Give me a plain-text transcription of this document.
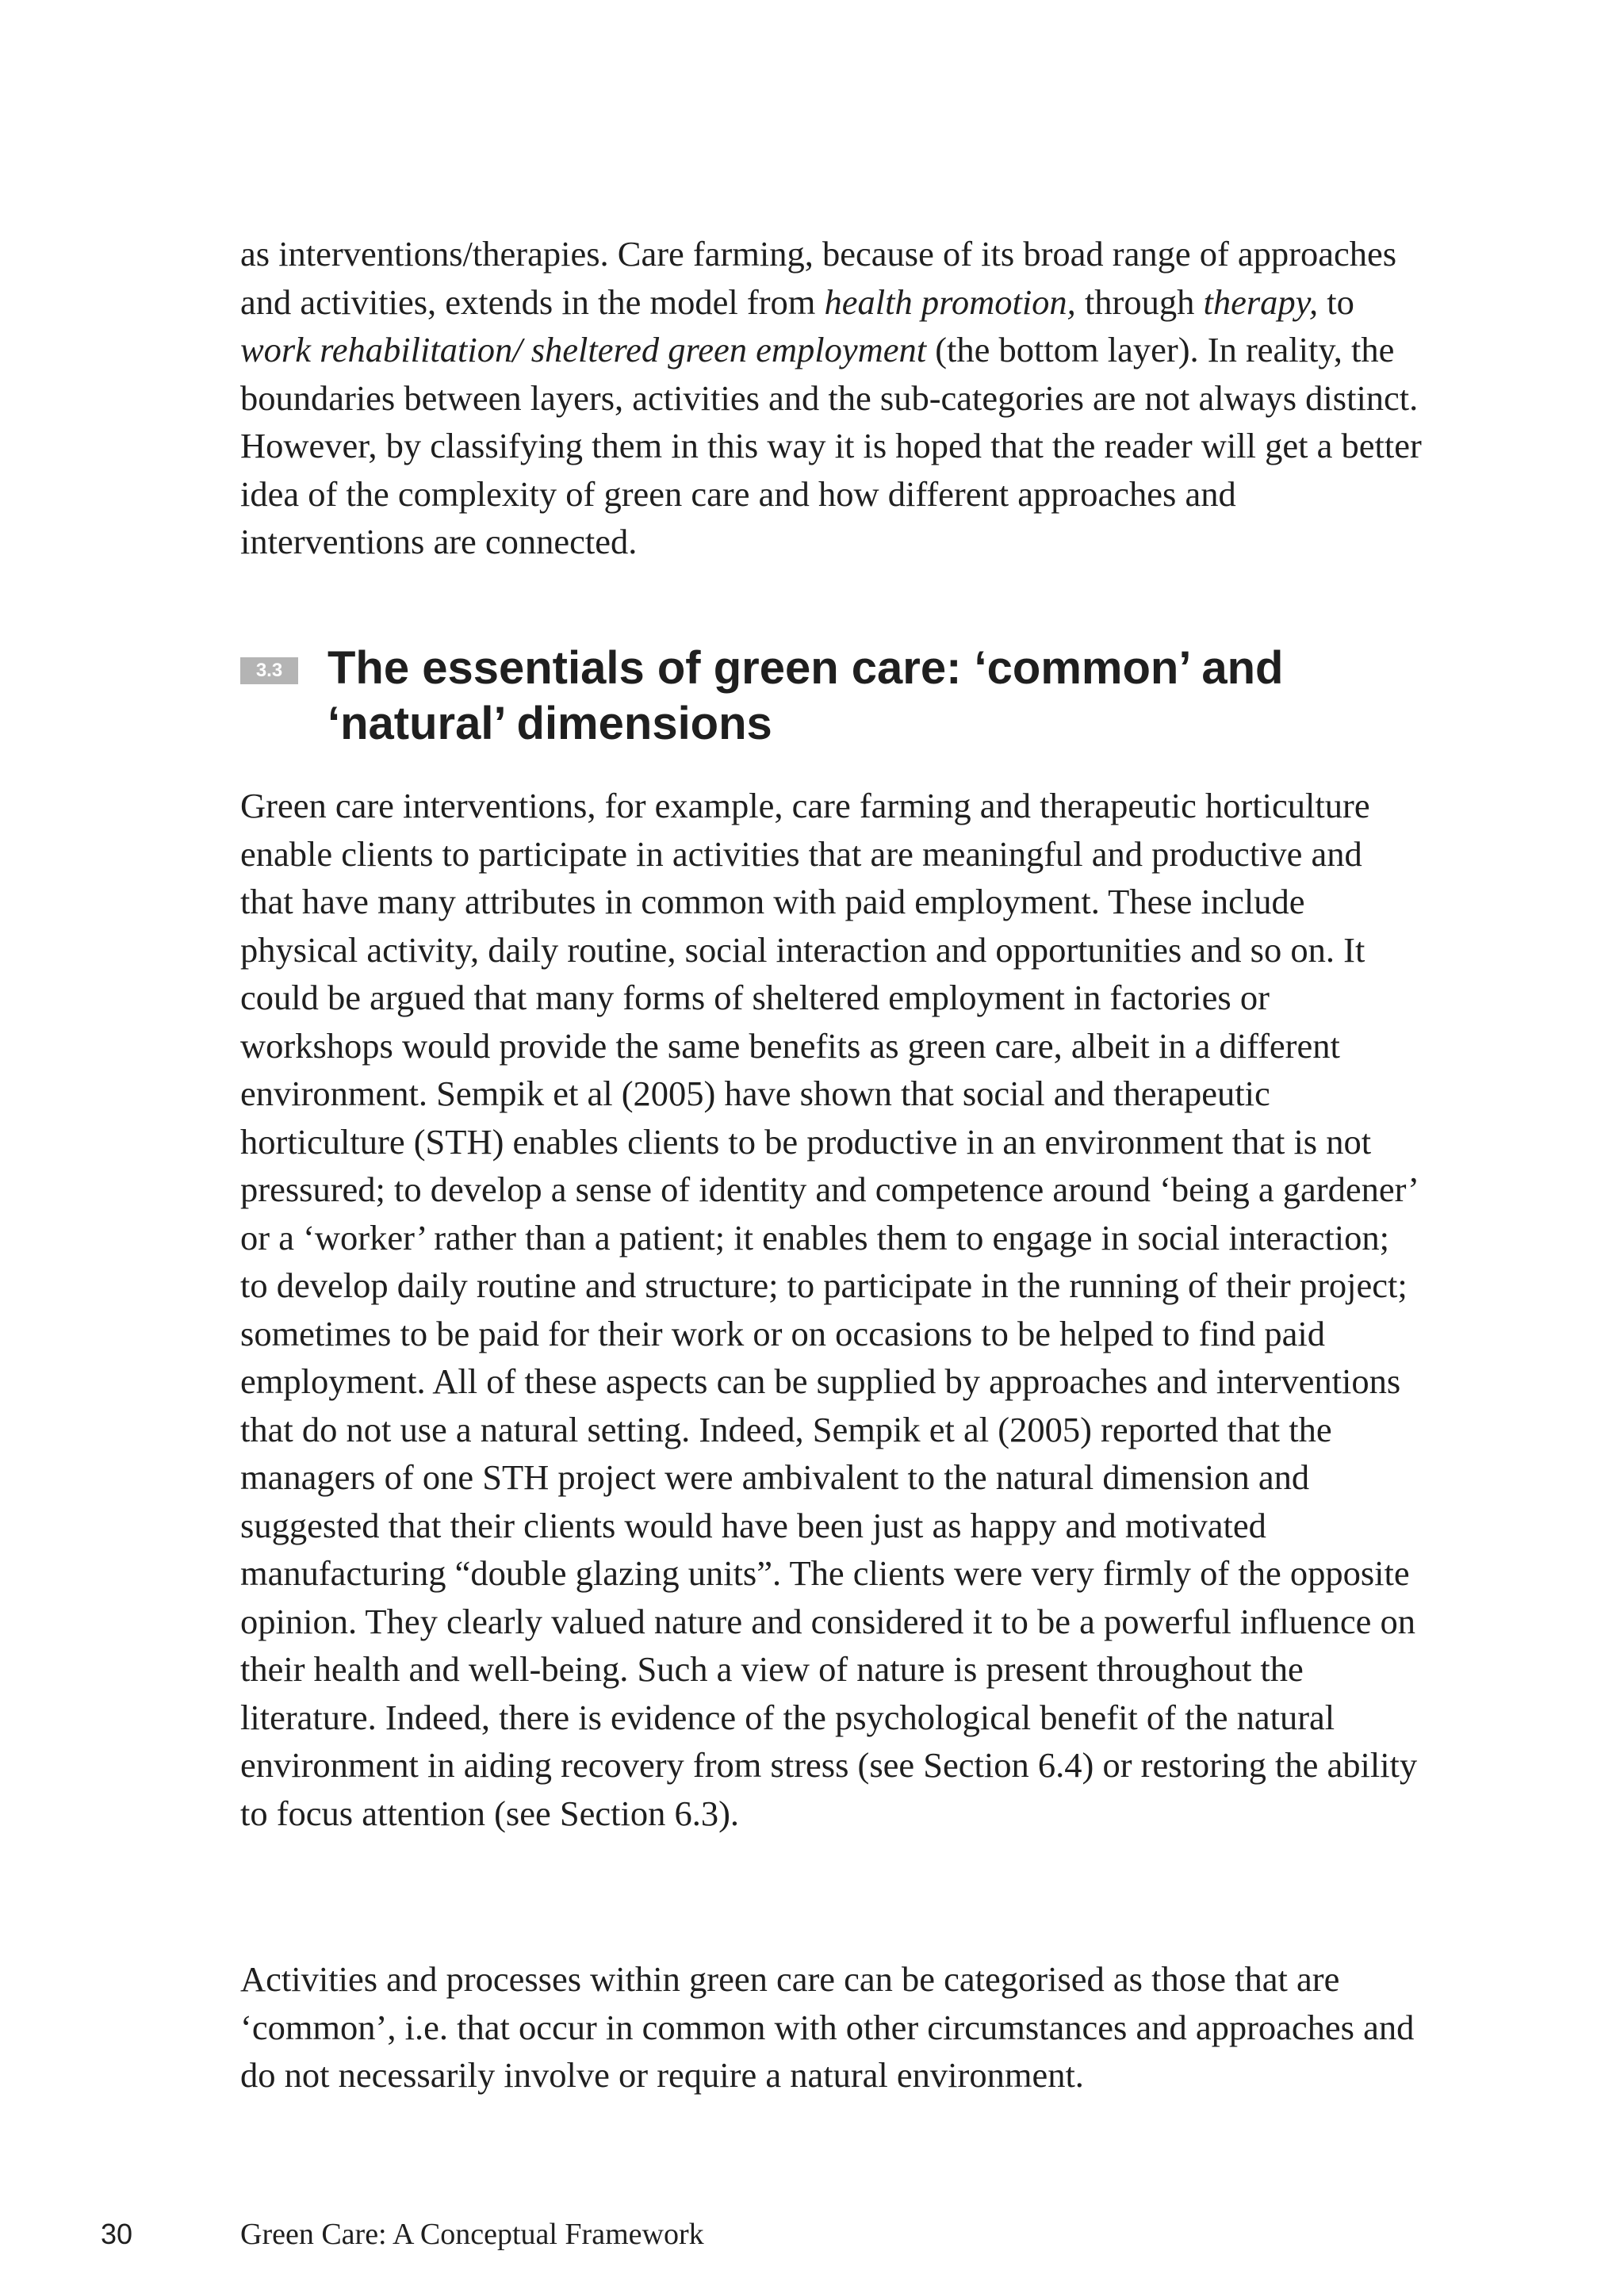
as interventions/therapies. Care farming, because of its broad range of approaches and activities, extends in the model from health promotion, through therapy, to work rehabilitation/ sheltered green employment (the bottom layer). In reality, the boundaries between layers, activities and the sub-categories are not always distinct. However, by classifying them in this way it is hoped that the reader will get a better idea of the complexity of green care and how different approaches and interventions are connected.

3.3 The essentials of green care: ‘common’ and
‘natural’ dimensions

Green care interventions, for example, care farming and therapeutic horticulture enable clients to participate in activities that are meaningful and productive and that have many attributes in common with paid employment. These include physical activity, daily routine, social interaction and opportunities and so on. It could be argued that many forms of sheltered employment in factories or workshops would provide the same benefits as green care, albeit in a different environment. Sempik et al (2005) have shown that social and therapeutic horticulture (STH) enables clients to be productive in an environment that is not pressured; to develop a sense of identity and competence around ‘being a gardener’ or a ‘worker’ rather than a patient; it enables them to engage in social interaction; to develop daily routine and structure; to participate in the running of their project; sometimes to be paid for their work or on occasions to be helped to find paid employment. All of these aspects can be supplied by approaches and interventions that do not use a natural setting. Indeed, Sempik et al (2005) reported that the managers of one STH project were ambivalent to the natural dimension and suggested that their clients would have been just as happy and motivated manufacturing “double glazing units”. The clients were very firmly of the opposite opinion. They clearly valued nature and considered it to be a powerful influence on their health and well-being. Such a view of nature is present throughout the literature. Indeed, there is evidence of the psychological benefit of the natural environment in aiding recovery from stress (see Section 6.4) or restoring the ability to focus attention (see Section 6.3).

Activities and processes within green care can be categorised as those that are ‘common’, i.e. that occur in common with other circumstances and approaches and do not necessarily involve or require a natural environment.

30	Green Care: A Conceptual Framework
